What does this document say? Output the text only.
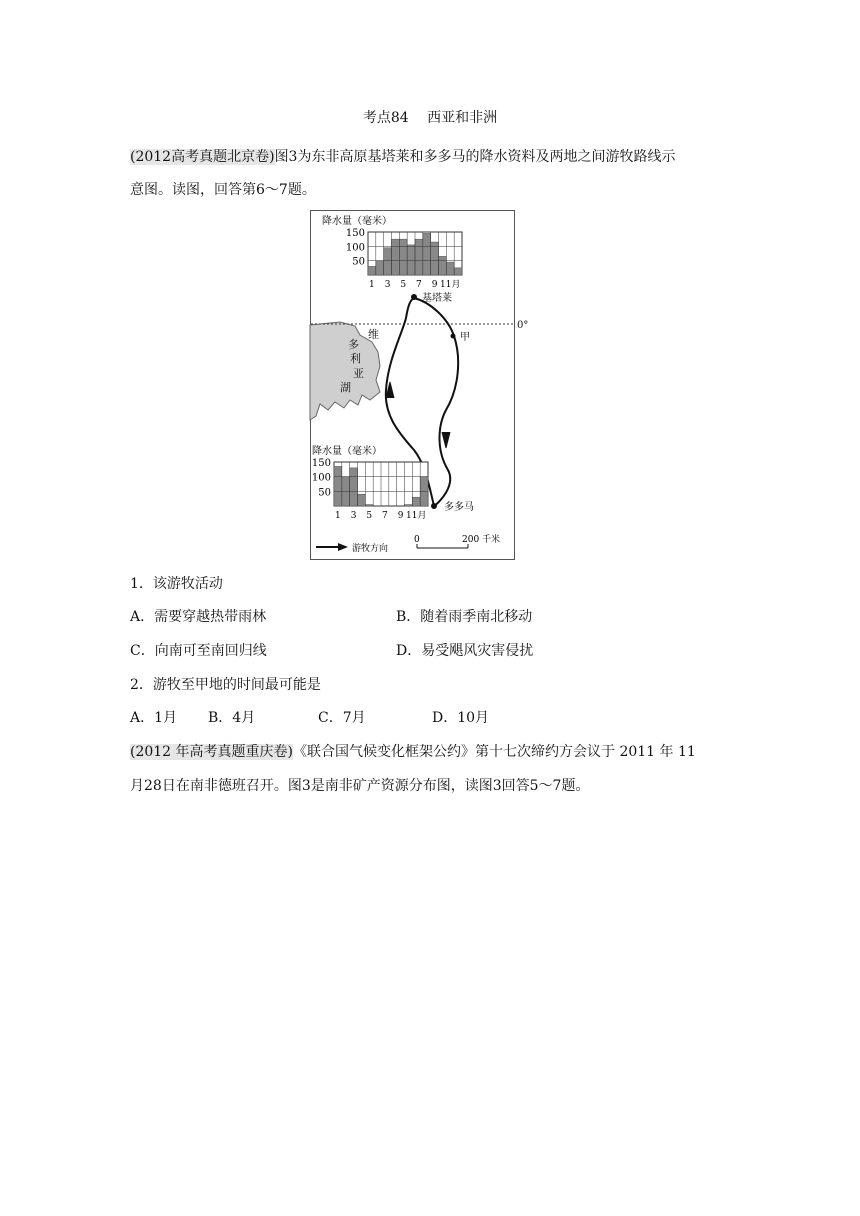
考点84　 西亚和非洲
(2012高考真题北京卷)图3为东非高原基塔莱和多多马的降水资料及两地之间游牧路线示
意图。读图，回答第6～7题。
维
多
利
亚
湖
0°
基塔莱
甲
多多马
降水量（毫米）
150
100
50
1 3 5 7 9 11月
降水量（毫米）
150
100
50
1 3 5 7 9 11月
游牧方向
0	200 千米
1．该游牧活动
A．需要穿越热带雨林	B．随着雨季南北移动
C．向南可至南回归线	D．易受飓风灾害侵扰
2．游牧至甲地的时间最可能是
A．1月 B．4月	C．7月	D．10月
(2012 年高考真题重庆卷)《联合国气候变化框架公约》第十七次缔约方会议于 2011 年 11
月28日在南非德班召开。图3是南非矿产资源分布图，读图3回答5～7题。
